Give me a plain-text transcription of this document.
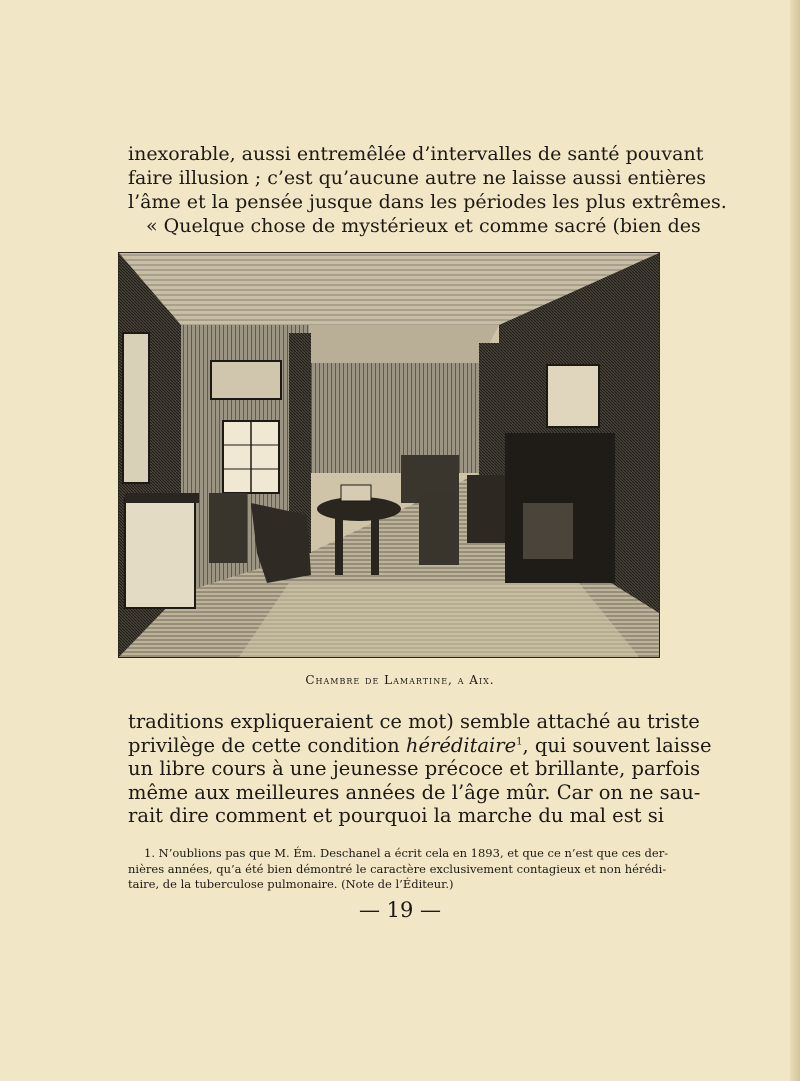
inexorable, aussi entremêlée d’intervalles de santé pouvant
faire illusion ; c’est qu’aucune autre ne laisse aussi entières
l’âme et la pensée jusque dans les périodes les plus extrêmes.
« Quelque chose de mystérieux et comme sacré (bien des

Chambre de Lamartine, a Aix.

traditions expliqueraient ce mot) semble attaché au triste
privilège de cette condition héréditaire$^1$, qui souvent laisse
un libre cours à une jeunesse précoce et brillante, parfois
même aux meilleures années de l’âge mûr. Car on ne sau-
rait dire comment et pourquoi la marche du mal est si

1. N’oublions pas que M. Ém. Deschanel a écrit cela en 1893, et que ce n’est que ces der-
nières années, qu’a été bien démontré le caractère exclusivement contagieux et non hérédi-
taire, de la tuberculose pulmonaire. (Note de l’Éditeur.)

— 19 —
